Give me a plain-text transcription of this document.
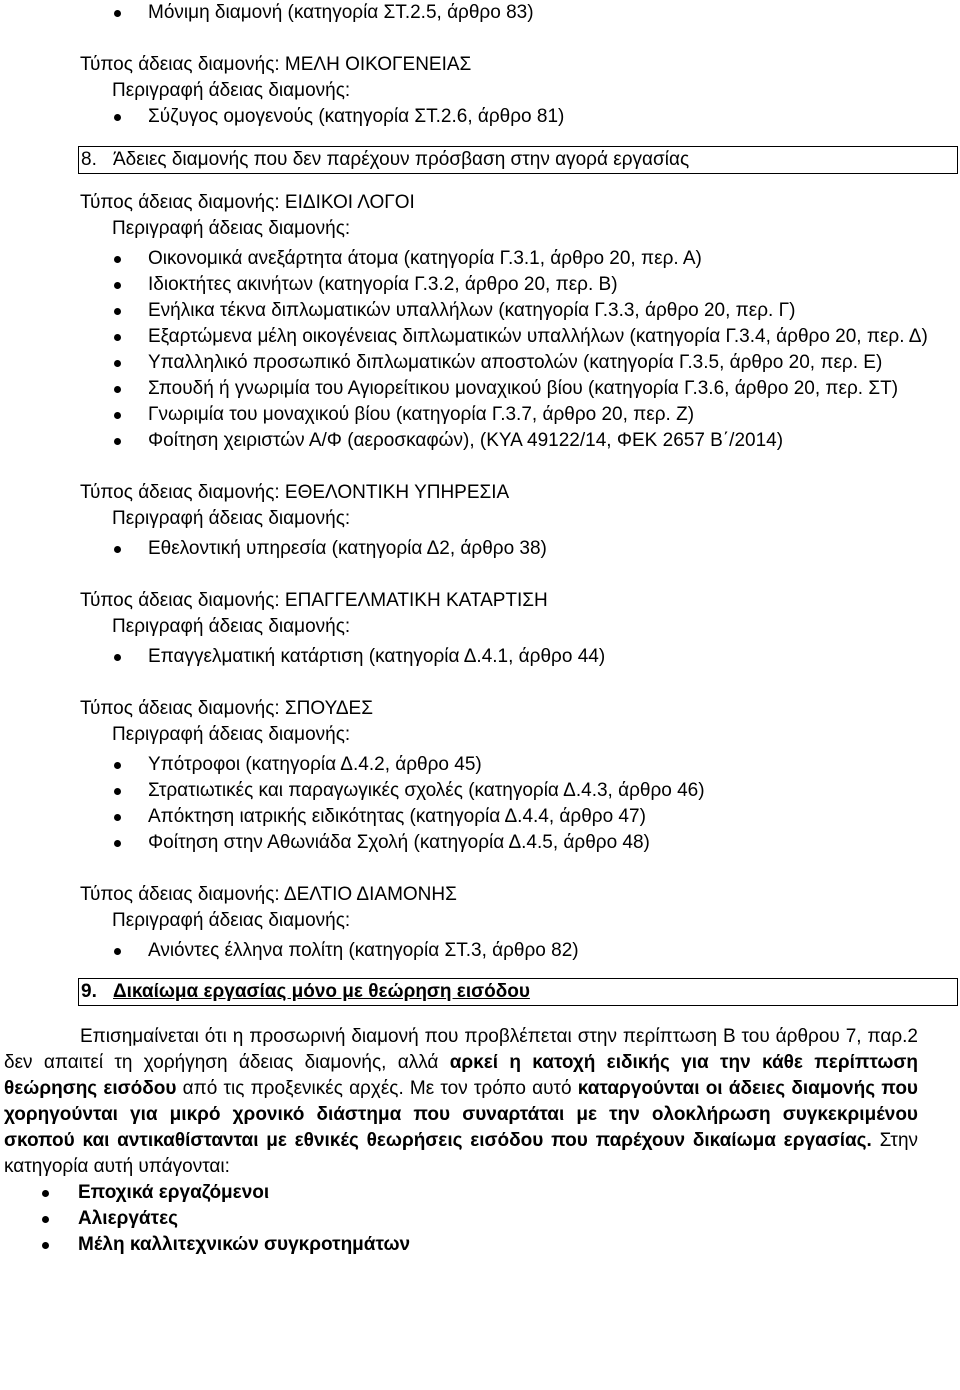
Μόνιμη διαμονή (κατηγορία ΣΤ.2.5, άρθρο 83)
Τύπος άδειας διαμονής: ΜΕΛΗ ΟΙΚΟΓΕΝΕΙΑΣ
Περιγραφή άδειας διαμονής:
Σύζυγος ομογενούς (κατηγορία ΣΤ.2.6, άρθρο 81)
8. Άδειες διαμονής που δεν παρέχουν πρόσβαση στην αγορά εργασίας
Τύπος άδειας διαμονής: ΕΙΔΙΚΟΙ ΛΟΓΟΙ
Περιγραφή άδειας διαμονής:
Οικονομικά ανεξάρτητα άτομα (κατηγορία Γ.3.1, άρθρο 20, περ. Α)
Ιδιοκτήτες ακινήτων (κατηγορία Γ.3.2, άρθρο 20, περ. Β)
Ενήλικα τέκνα διπλωματικών υπαλλήλων (κατηγορία Γ.3.3, άρθρο 20, περ. Γ)
Εξαρτώμενα μέλη οικογένειας διπλωματικών υπαλλήλων (κατηγορία Γ.3.4, άρθρο 20, περ. Δ)
Υπαλληλικό προσωπικό διπλωματικών αποστολών (κατηγορία Γ.3.5, άρθρο 20, περ. Ε)
Σπουδή ή γνωριμία του Αγιορείτικου μοναχικού βίου (κατηγορία Γ.3.6, άρθρο 20, περ. ΣΤ)
Γνωριμία του μοναχικού βίου (κατηγορία Γ.3.7, άρθρο 20, περ. Ζ)
Φοίτηση χειριστών Α/Φ (αεροσκαφών), (ΚΥΑ 49122/14, ΦΕΚ 2657 Β΄/2014)
Τύπος άδειας διαμονής: ΕΘΕΛΟΝΤΙΚΗ ΥΠΗΡΕΣΙΑ
Περιγραφή άδειας διαμονής:
Εθελοντική υπηρεσία (κατηγορία Δ2, άρθρο 38)
Τύπος άδειας διαμονής: ΕΠΑΓΓΕΛΜΑΤΙΚΗ ΚΑΤΑΡΤΙΣΗ
Περιγραφή άδειας διαμονής:
Επαγγελματική κατάρτιση (κατηγορία Δ.4.1, άρθρο 44)
Τύπος άδειας διαμονής: ΣΠΟΥΔΕΣ
Περιγραφή άδειας διαμονής:
Υπότροφοι (κατηγορία Δ.4.2, άρθρο 45)
Στρατιωτικές και παραγωγικές σχολές (κατηγορία Δ.4.3, άρθρο 46)
Απόκτηση ιατρικής ειδικότητας (κατηγορία Δ.4.4, άρθρο 47)
Φοίτηση στην Αθωνιάδα Σχολή (κατηγορία Δ.4.5, άρθρο 48)
Τύπος άδειας διαμονής: ΔΕΛΤΙΟ ΔΙΑΜΟΝΗΣ
Περιγραφή άδειας διαμονής:
Ανιόντες έλληνα πολίτη (κατηγορία ΣΤ.3, άρθρο 82)
9. Δικαίωμα εργασίας μόνο με θεώρηση εισόδου
Επισημαίνεται ότι η προσωρινή διαμονή που προβλέπεται στην περίπτωση Β του άρθρου 7, παρ.2 δεν απαιτεί τη χορήγηση άδειας διαμονής, αλλά αρκεί η κατοχή ειδικής για την κάθε περίπτωση θεώρησης εισόδου από τις προξενικές αρχές. Με τον τρόπο αυτό καταργούνται οι άδειες διαμονής που χορηγούνται για μικρό χρονικό διάστημα που συναρτάται με την ολοκλήρωση συγκεκριμένου σκοπού και αντικαθίστανται με εθνικές θεωρήσεις εισόδου που παρέχουν δικαίωμα εργασίας. Στην κατηγορία αυτή υπάγονται:
Εποχικά εργαζόμενοι
Αλιεργάτες
Μέλη καλλιτεχνικών συγκροτημάτων
